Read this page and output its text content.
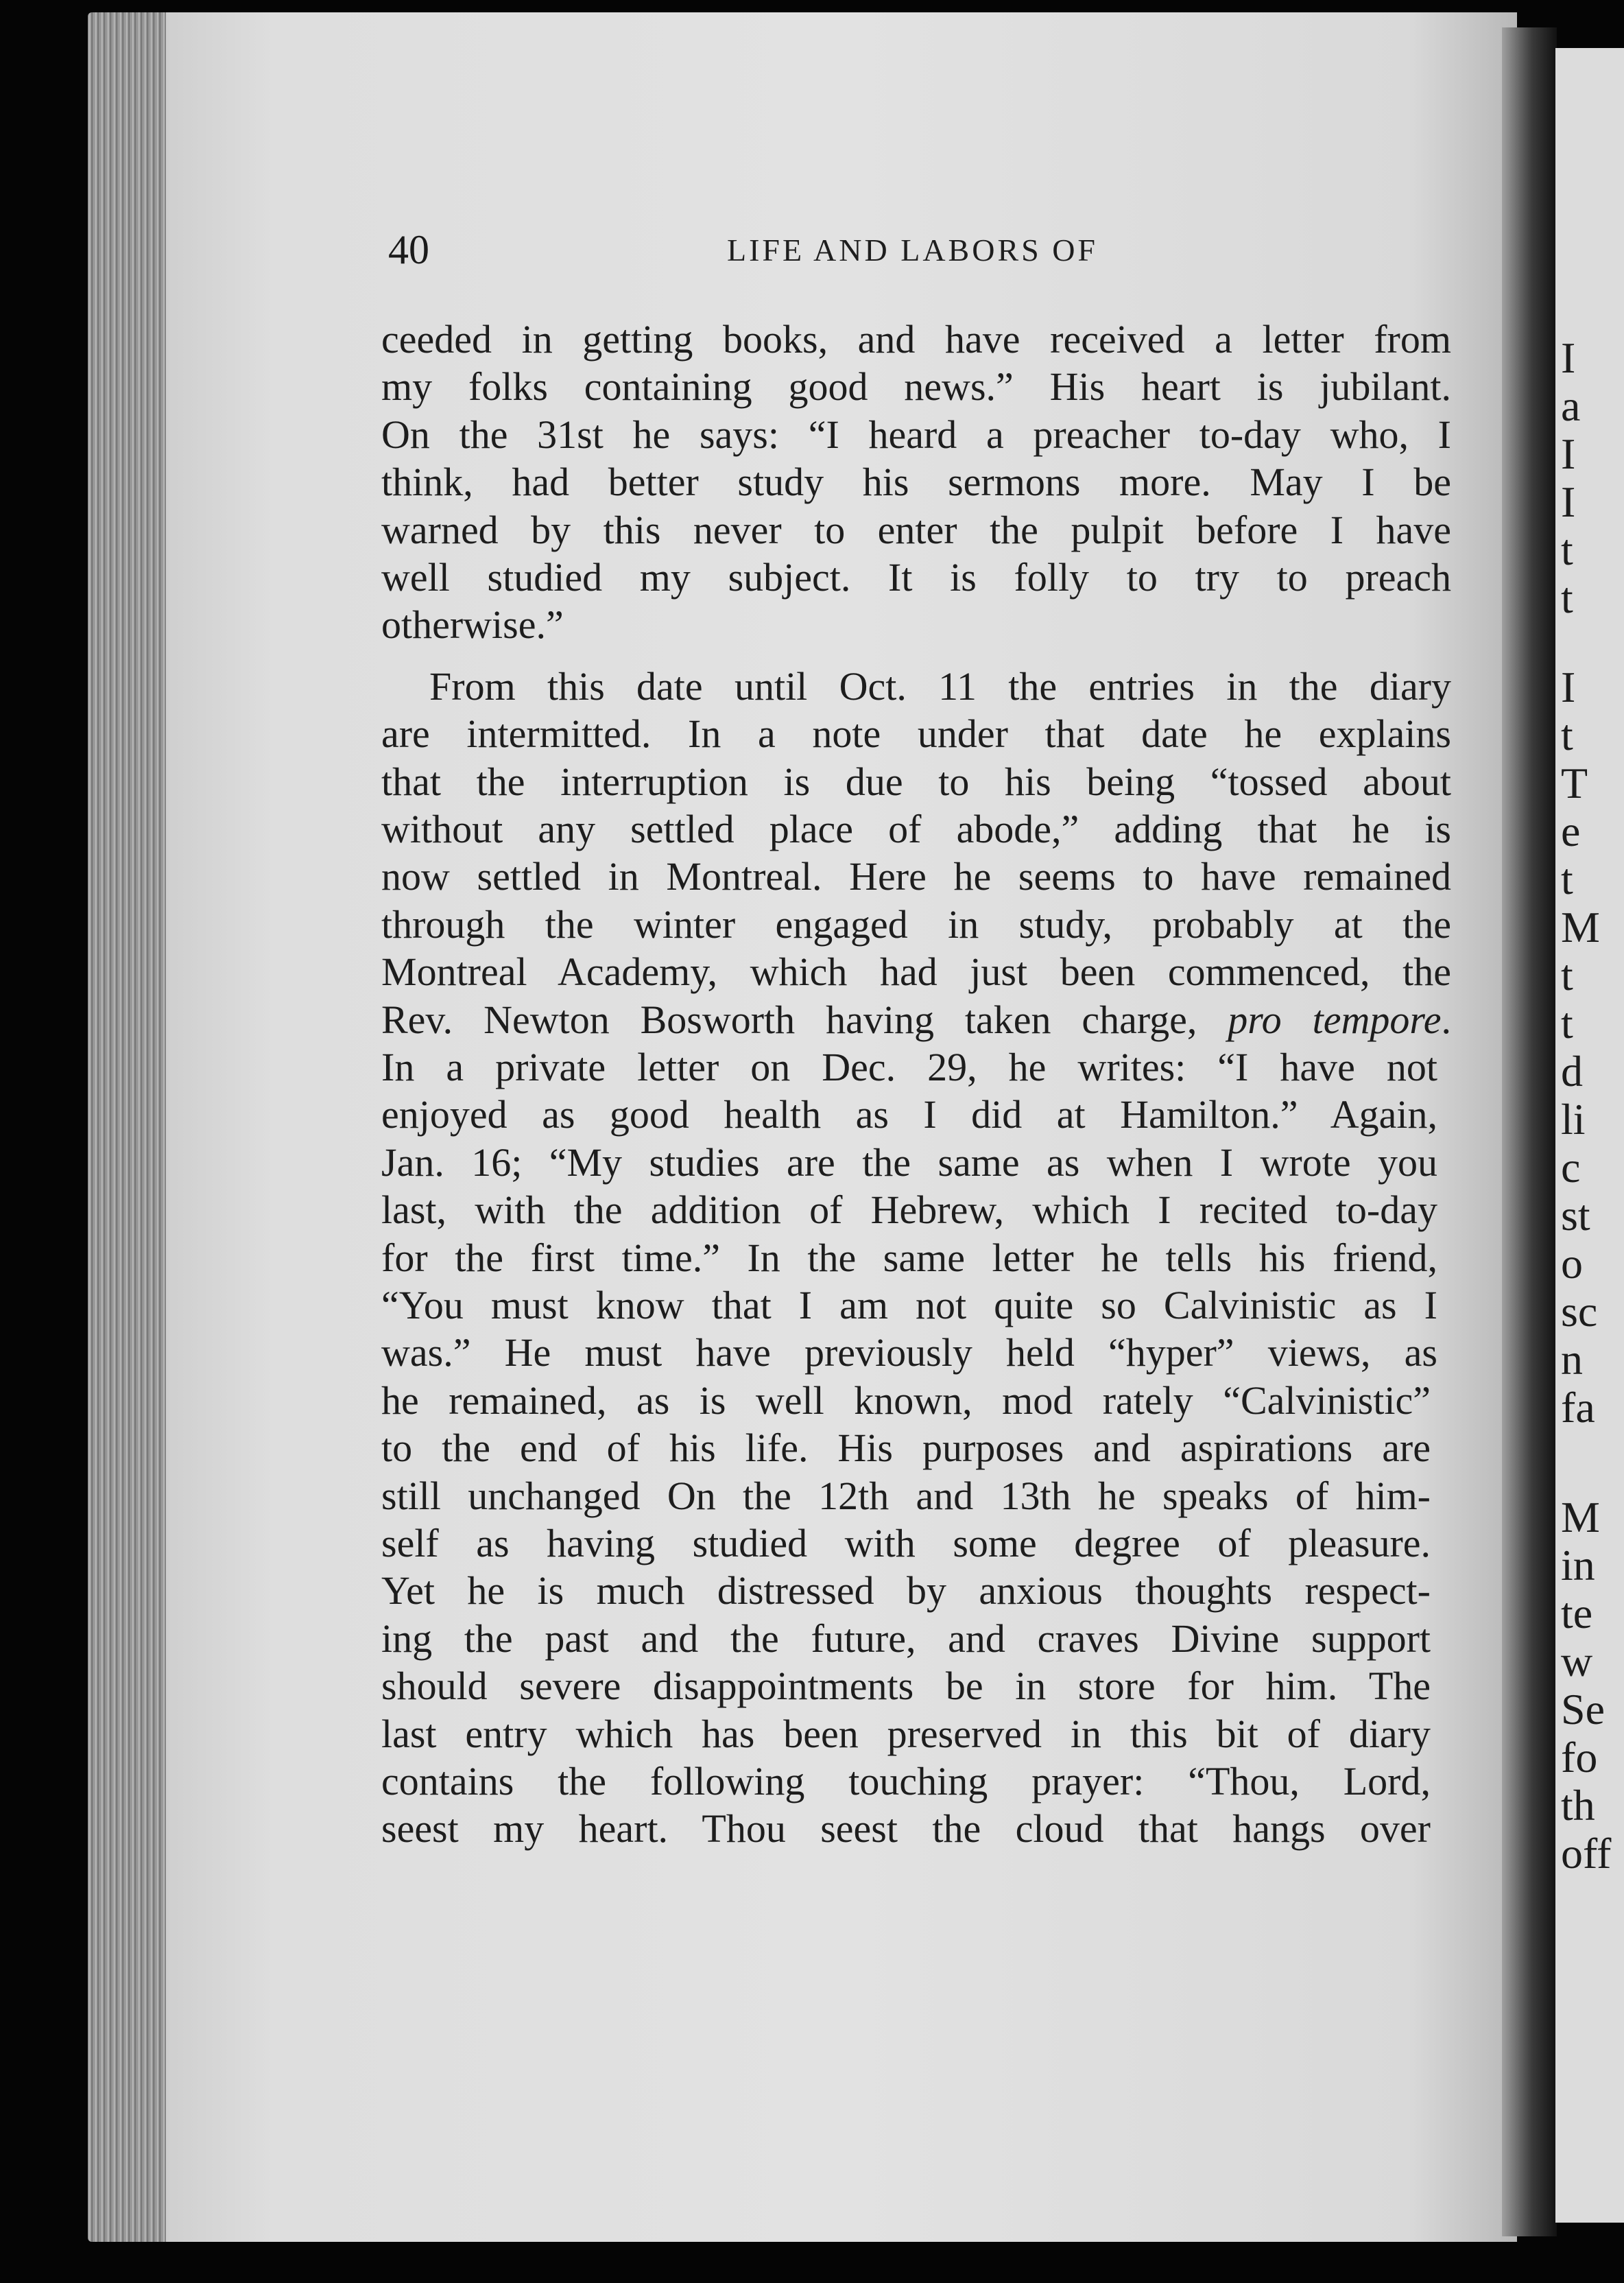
I
a
I
I
t
t
I
t
T
e
t
M
t
t
d
li
c
st
o
sc
n
fa
M
in
te
w
Se
fo
th
off
40	LIFE AND LABORS OF
ceeded in getting books, and have received a letter from
my folks containing good news.” His heart is jubilant.
On the 31st he says: “I heard a preacher to-day who, I
think, had better study his sermons more. May I be
warned by this never to enter the pulpit before I have
well studied my subject. It is folly to try to preach
otherwise.”
From this date until Oct. 11 the entries in the diary
are intermitted. In a note under that date he explains
that the interruption is due to his being “tossed about
without any settled place of abode,” adding that he is
now settled in Montreal. Here he seems to have remained
through the winter engaged in study, probably at the
Montreal Academy, which had just been commenced, the
Rev. Newton Bosworth having taken charge, pro tempore.
In a private letter on Dec. 29, he writes: “I have not
enjoyed as good health as I did at Hamilton.” Again,
Jan. 16; “My studies are the same as when I wrote you
last, with the addition of Hebrew, which I recited to-day
for the first time.” In the same letter he tells his friend,
“You must know that I am not quite so Calvinistic as I
was.” He must have previously held “hyper” views, as
he remained, as is well known, mod rately “Calvinistic”
to the end of his life. His purposes and aspirations are
still unchanged On the 12th and 13th he speaks of him-
self as having studied with some degree of pleasure.
Yet he is much distressed by anxious thoughts respect-
ing the past and the future, and craves Divine support
should severe disappointments be in store for him. The
last entry which has been preserved in this bit of diary
contains the following touching prayer: “Thou, Lord,
seest my heart. Thou seest the cloud that hangs over
